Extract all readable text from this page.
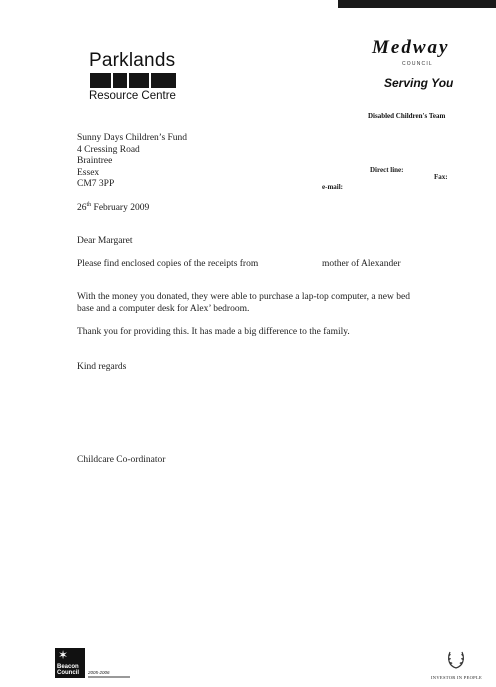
Parklands
Resource Centre
Medway
COUNCIL
Serving You
Disabled Children's Team
Sunny Days Children’s Fund
4 Cressing Road
Braintree
Essex
CM7 3PP
Direct line:
Fax:
e-mail:
26th February 2009
Dear Margaret
Please find enclosed copies of the receipts from	mother of Alexander
With the money you donated, they were able to purchase a lap-top computer, a new bed base and a computer desk for Alex’ bedroom.
Thank you for providing this. It has made a big difference to the family.
Kind regards
Childcare Co-ordinator
✶
Beacon
Council 2005-2006
INVESTOR IN PEOPLE
